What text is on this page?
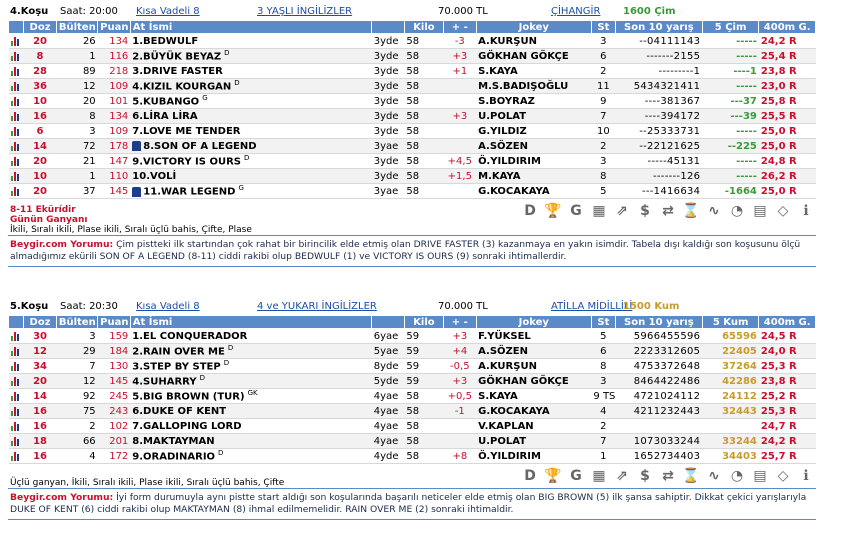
4.Koşu Saat: 20:00 Kısa Vadeli 8	3 YAŞLI İNGİLİZLER	70.000 TL	ÇİHANGİR 1600 Çim
	Doz	Bülten	Puan	At İsmi		Kilo	+ -	Jokey	St	Son 10 yarış	5 Çim	400m G.

	20	26	134	1.BEDWULF	3yde	58	-3	A.KURŞUN	3	--04111143	-----	24,2 R

	8	1	116	2.BÜYÜK BEYAZ $^D$	3yde	58	+3	GÖKHAN GÖKÇE	6	-------2155	-----	25,4 R

	28	89	218	3.DRIVE FASTER	3yde	58	+1	S.KAYA	2	---------1	----1	23,8 R

	36	12	109	4.KIZIL KOURGAN $^D$	3yde	58		M.S.BADIŞOĞLU	11	5434321411	-----	23,0 R

	10	20	101	5.KUBANGO $^G$	3yde	58		S.BOYRAZ	9	----381367	---37	25,8 R

	16	8	134	6.LİRA LİRA	3yde	58	+3	U.POLAT	7	----394172	---39	25,5 R

	6	3	109	7.LOVE ME TENDER	3yde	58		G.YILDIZ	10	--25333731	-----	25,0 R

	14	72	178	8.SON OF A LEGEND	3yae	58		A.SÖZEN	2	--22121625	--225	25,0 R

	20	21	147	9.VICTORY IS OURS $^D$	3yde	58	+4,5	Ö.YILDIRIM	3	-----45131	-----	24,8 R

	10	1	110	10.VOLİ	3yde	58	+1,5	M.KAYA	8	-------126	-----	26,2 R

	20	37	145	11.WAR LEGEND $^G$	3yae	58		G.KOCAKAYA	5	---1416634	-1664	25,0 R
8-11 Ekürídir
Günün Ganyanı
İkili, Sıralı ikili, Plase ikili, Sıralı üçlü bahis, Çifte, Plase
D 🏆 G ▦ ⇗ $ ⇄ ⌛ ∿ ◔ ▤ ◇	ℹ
Beygir.com Yorumu: Çim pistteki ilk startından çok rahat bir birincilik elde etmiş olan DRIVE FASTER (3) kazanmaya en yakın isimdir. Tabela dışı kaldığı son koşusunu ölçü almadığımız ekürili SON OF A LEGEND (8-11) ciddi rakibi olup BEDWULF (1) ve VICTORY IS OURS (9) sonraki ihtimallerdir.
5.Koşu Saat: 20:30 Kısa Vadeli 8	4 ve YUKARI İNGİLİZLER	70.000 TL	ATİLLA MİDİLLİLİ
1500 Kum
	Doz	Bülten	Puan	At İsmi		Kilo	+ -	Jokey	St	Son 10 yarış	5 Kum	400m G.

	30	3	159	1.EL CONQUERADOR	6yae	59	+3	F.YÜKSEL	5	5966455596	65596	24,5 R

	12	29	184	2.RAIN OVER ME $^D$	5yae	59	+4	A.SÖZEN	6	2223312605	22405	24,0 R

	34	7	130	3.STEP BY STEP $^D$	8yde	59	-0,5	A.KURŞUN	8	4753372648	37264	25,3 R

	20	12	145	4.SUHARRY $^D$	5yde	59	+3	GÖKHAN GÖKÇE	3	8464422486	42286	23,8 R

	14	92	245	5.BIG BROWN (TUR) $^{GK}$	4yae	58	+0,5	S.KAYA	9 TS	4721024112	24112	25,2 R

	16	75	243	6.DUKE OF KENT	4yae	58	-1	G.KOCAKAYA	4	4211232443	32443	25,3 R

	16	2	102	7.GALLOPING LORD	4yae	58		V.KAPLAN	2			24,7 R

	18	66	201	8.MAKTAYMAN	4yae	58		U.POLAT	7	1073033244	33244	24,2 R

	16	4	172	9.ORADINARIO $^D$	4yde	58	+8	Ö.YILDIRIM	1	1652734403	34403	25,7 R
Üçlü ganyan, İkili, Sıralı ikili, Plase ikili, Sıralı üçlü bahis, Çifte	D 🏆 G ▦ ⇗ $ ⇄ ⌛ ∿ ◔ ▤ ◇	ℹ
Beygir.com Yorumu: İyi form durumuyla aynı pistte start aldığı son koşularında başarılı neticeler elde etmiş olan BIG BROWN (5) ilk şansa sahiptir. Dikkat çekici yarışlarıyla DUKE OF KENT (6) ciddi rakibi olup MAKTAYMAN (8) ihmal edilmemelidir. RAIN OVER ME (2) sonraki ihtimaldir.
